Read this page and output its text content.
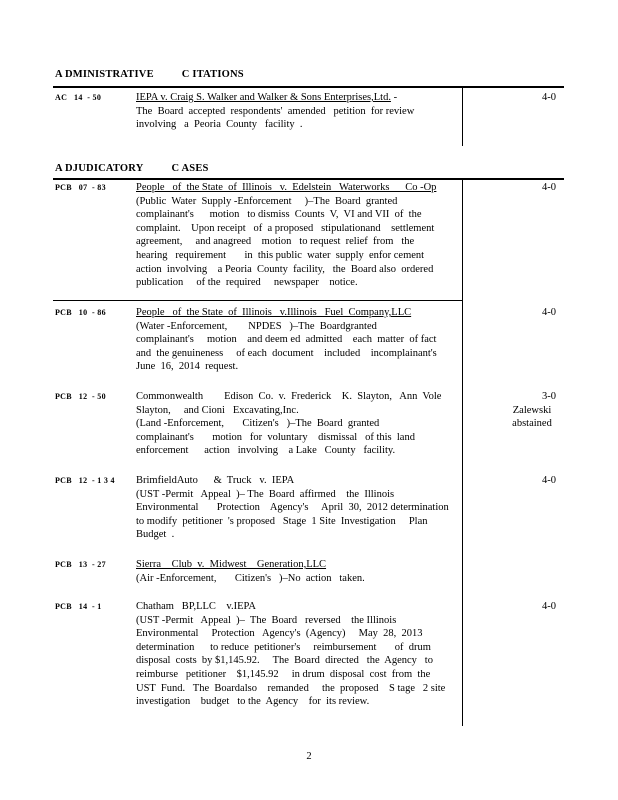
A DMINISTRATIVE	C ITATIONS
A DJUDICATORY	C ASES
AC   14  - 50	IEPA v. Craig S. Walker and Walker & Sons Enterprises,Ltd. -
The  Board  accepted  respondents'  amended   petition  for review
involving   a  Peoria  County   facility  .
4-0
PCB   07  - 83	People   of  the State  of  Illinois   v.  Edelstein   Waterworks      Co -Op
(Public  Water  Supply -Enforcement     )–The  Board  granted
complainant's      motion   to dismiss  Counts  V,  VI and VII  of  the
complaint.    Upon receipt   of  a proposed   stipulationand    settlement
agreement,     and anagreed    motion   to request  relief  from   the
hearing   requirement       in  this public  water  supply  enfor cement
action  involving    a Peoria  County  facility,   the  Board also  ordered
publication     of the  required     newspaper    notice.
4-0
PCB   10  - 86	People   of  the State  of  Illinois   v.Illinois   Fuel  Company,LLC
(Water -Enforcement,        NPDES   )–The  Boardgranted
complainant's     motion    and deem ed  admitted    each  matter  of fact
and  the genuineness     of each  document    included    incomplainant's
June  16,  2014  request.
4-0
PCB   12  - 50	Commonwealth        Edison  Co.  v.  Frederick    K.  Slayton,   Ann  Vole
Slayton,     and Cioni   Excavating,Inc.
(Land -Enforcement,       Citizen's   )–The  Board  granted
complainant's       motion   for  voluntary    dismissal   of this  land
enforcement      action   involving    a Lake   County   facility.
3-0
Zalewski abstained
PCB   12  - 1 3 4 BrimfieldAuto      &  Truck   v.  IEPA
(UST -Permit   Appeal  )– The  Board  affirmed    the  Illinois
Environmental       Protection    Agency's     April  30,  2012 determination
to modify  petitioner  's proposed   Stage  1 Site  Investigation     Plan
Budget  .
4-0
PCB   13  - 27	Sierra    Club  v.  Midwest    Generation,LLC
(Air -Enforcement,       Citizen's   )–No  action   taken.
PCB   14  - 1	Chatham   BP,LLC    v.IEPA
(UST -Permit   Appeal  )–  The  Board   reversed    the Illinois
Environmental     Protection   Agency's  (Agency)     May  28,  2013
determination      to reduce  petitioner's     reimbursement       of  drum
disposal  costs  by $1,145.92.     The  Board  directed   the  Agency   to
reimburse   petitioner    $1,145.92     in drum  disposal  cost  from  the
UST  Fund.   The  Boardalso    remanded     the  proposed    S tage   2 site
investigation    budget   to the  Agency    for  its review.
4-0
2
